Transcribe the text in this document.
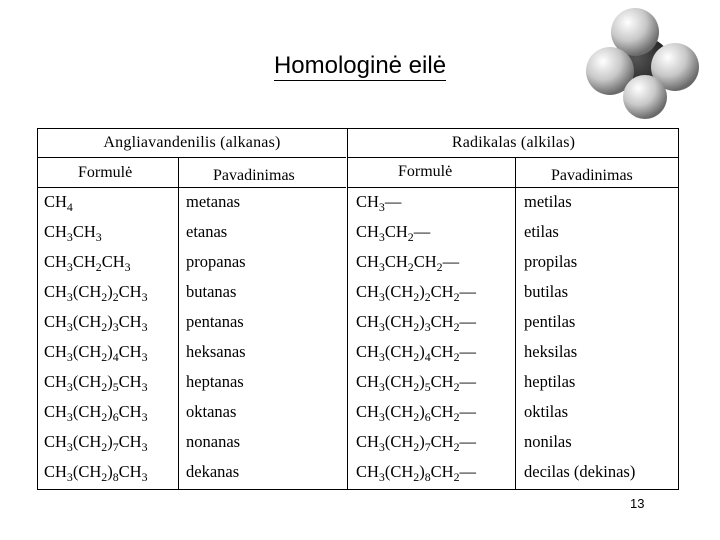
Homologinė eilė
Angliavandenilis (alkanas)	Radikalas (alkilas)
Formulė	Pavadinimas	Formulė	Pavadinimas
$CH_4$	metanas	$CH_3—$	metilas
$CH_3CH_3$	etanas	$CH_3CH_2—$	etilas
$CH_3CH_2CH_3$	propanas	$CH_3CH_2CH_2—$	propilas
$CH_3(CH_2)_2CH_3$ butanas	$CH_3(CH_2)_2CH_2—$	butilas
$CH_3(CH_2)_3CH_3$ pentanas	$CH_3(CH_2)_3CH_2—$	pentilas
$CH_3(CH_2)_4CH_3$ heksanas	$CH_3(CH_2)_4CH_2—$	heksilas
$CH_3(CH_2)_5CH_3$ heptanas	$CH_3(CH_2)_5CH_2—$	heptilas
$CH_3(CH_2)_6CH_3$ oktanas	$CH_3(CH_2)_6CH_2—$	oktilas
$CH_3(CH_2)_7CH_3$ nonanas	$CH_3(CH_2)_7CH_2—$	nonilas
$CH_3(CH_2)_8CH_3$ dekanas	$CH_3(CH_2)_8CH_2—$	decilas (dekinas)
13
